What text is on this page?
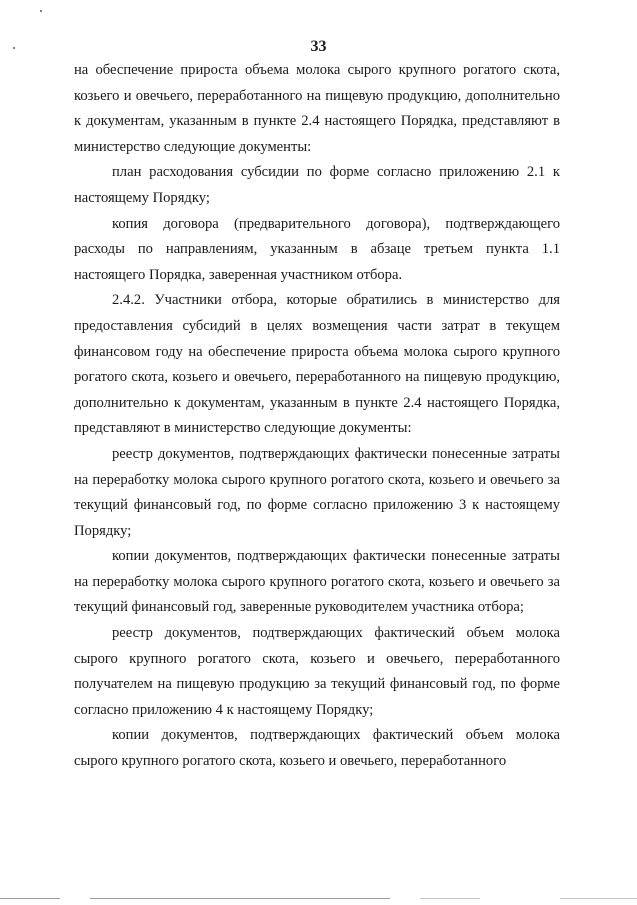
33

на обеспечение прироста объема молока сырого крупного рогатого скота, козьего и овечьего, переработанного на пищевую продукцию, дополнительно к документам, указанным в пункте 2.4 настоящего Порядка, представляют в министерство следующие документы:

план расходования субсидии по форме согласно приложению 2.1 к настоящему Порядку;

копия договора (предварительного договора), подтверждающего расходы по направлениям, указанным в абзаце третьем пункта 1.1 настоящего Порядка, заверенная участником отбора.

2.4.2. Участники отбора, которые обратились в министерство для предоставления субсидий в целях возмещения части затрат в текущем финансовом году на обеспечение прироста объема молока сырого крупного рогатого скота, козьего и овечьего, переработанного на пищевую продукцию, дополнительно к документам, указанным в пункте 2.4 настоящего Порядка, представляют в министерство следующие документы:

реестр документов, подтверждающих фактически понесенные затраты на переработку молока сырого крупного рогатого скота, козьего и овечьего за текущий финансовый год, по форме согласно приложению 3 к настоящему Порядку;

копии документов, подтверждающих фактически понесенные затраты на переработку молока сырого крупного рогатого скота, козьего и овечьего за текущий финансовый год, заверенные руководителем участника отбора;

реестр документов, подтверждающих фактический объем молока сырого крупного рогатого скота, козьего и овечьего, переработанного получателем на пищевую продукцию за текущий финансовый год, по форме согласно приложению 4 к настоящему Порядку;

копии документов, подтверждающих фактический объем молока сырого крупного рогатого скота, козьего и овечьего, переработанного
